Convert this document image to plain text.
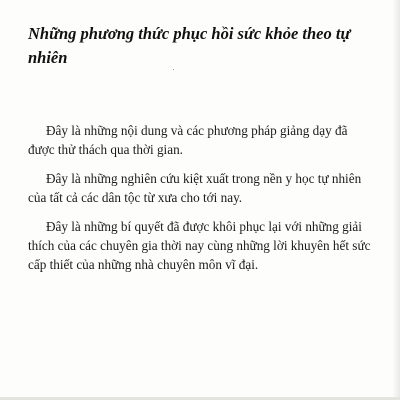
Những phương thức phục hồi sức khỏe theo tự nhiên

Đây là những nội dung và các phương pháp giảng dạy đã được thử thách qua thời gian.

Đây là những nghiên cứu kiệt xuất trong nền y học tự nhiên của tất cả các dân tộc từ xưa cho tới nay.

Đây là những bí quyết đã được khôi phục lại với những giải thích của các chuyên gia thời nay cùng những lời khuyên hết sức cấp thiết của những nhà chuyên môn vĩ đại.
